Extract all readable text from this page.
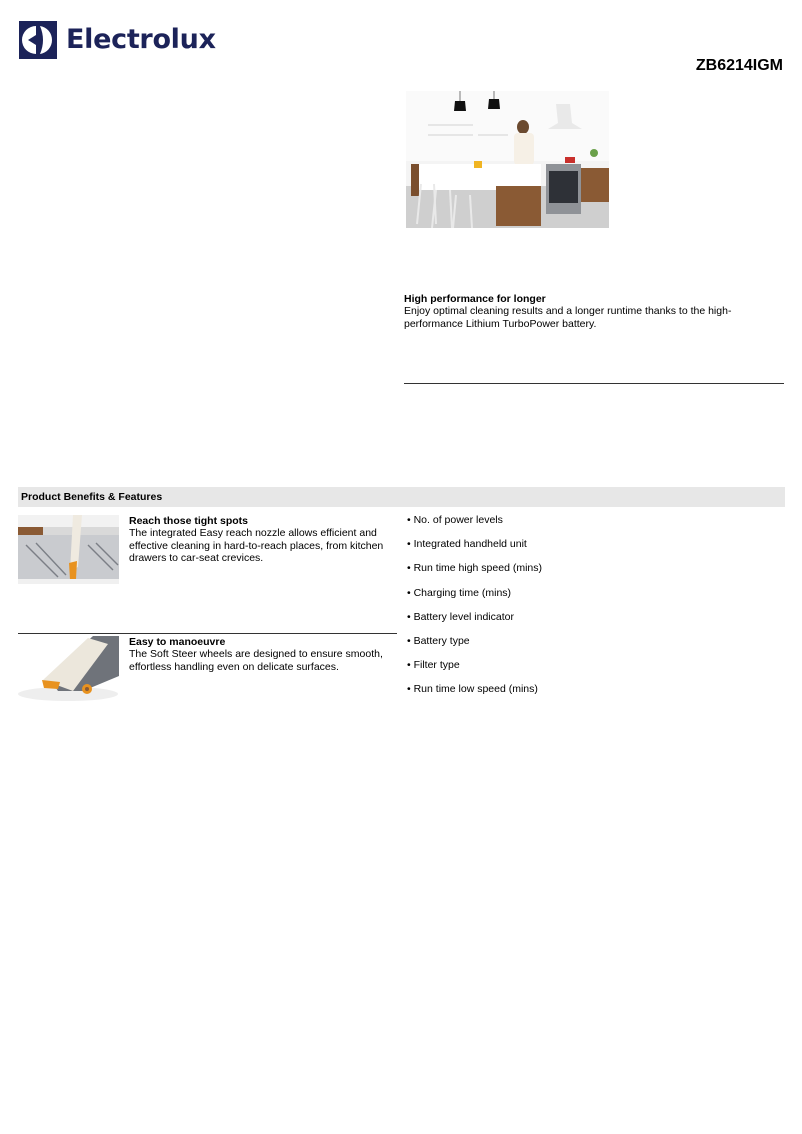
Electrolux
ZB6214IGM
High performance for longer
Enjoy optimal cleaning results and a longer runtime thanks to the high-performance Lithium TurboPower battery.
Product Benefits & Features
Reach those tight spots
The integrated Easy reach nozzle allows efficient and effective cleaning in hard-to-reach places, from kitchen drawers to car-seat crevices.
Easy to manoeuvre
The Soft Steer wheels are designed to ensure smooth, effortless handling even on delicate surfaces.
• No. of power levels
• Integrated handheld unit
• Run time high speed (mins)
• Charging time (mins)
• Battery level indicator
• Battery type
• Filter type
• Run time low speed (mins)
